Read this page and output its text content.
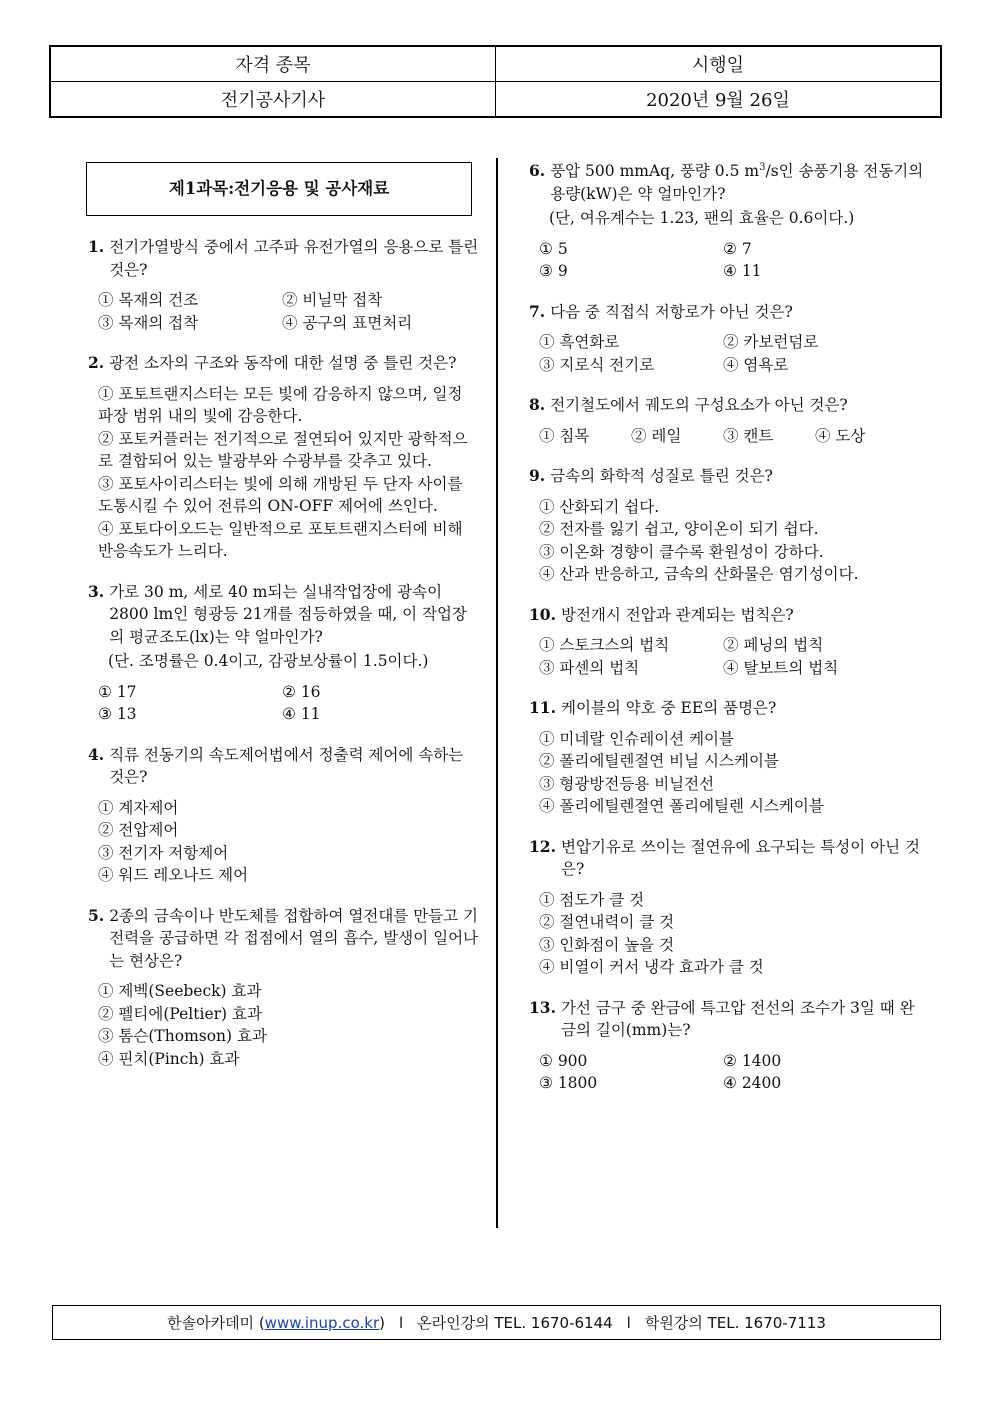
자격 종목	시행일
전기공사기사	2020년 9월 26일
제1과목:전기응용 및 공사재료
1. 전기가열방식 중에서 고주파 유전가열의 응용으로 틀린 것은?
① 목재의 건조	② 비닐막 접착
③ 목재의 접착	④ 공구의 표면처리
2. 광전 소자의 구조와 동작에 대한 설명 중 틀린 것은?
① 포토트랜지스터는 모든 빛에 감응하지 않으며, 일정 파장 범위 내의 빛에 감응한다.
② 포토커플러는 전기적으로 절연되어 있지만 광학적으로 결합되어 있는 발광부와 수광부를 갖추고 있다.
③ 포토사이리스터는 빛에 의해 개방된 두 단자 사이를 도통시킬 수 있어 전류의 ON-OFF 제어에 쓰인다.
④ 포토다이오드는 일반적으로 포토트랜지스터에 비해 반응속도가 느리다.
3. 가로 30 m, 세로 40 m되는 실내작업장에 광속이 2800 lm인 형광등 21개를 점등하였을 때, 이 작업장의 평균조도(lx)는 약 얼마인가?
(단. 조명률은 0.4이고, 감광보상률이 1.5이다.)
① 17	② 16
③ 13	④ 11
4. 직류 전동기의 속도제어법에서 정출력 제어에 속하는 것은?
① 계자제어
② 전압제어
③ 전기자 저항제어
④ 워드 레오나드 제어
5. 2종의 금속이나 반도체를 접합하여 열전대를 만들고 기전력을 공급하면 각 접점에서 열의 흡수, 발생이 일어나는 현상은?
① 제벡(Seebeck) 효과
② 펠티에(Peltier) 효과
③ 톰슨(Thomson) 효과
④ 핀치(Pinch) 효과
6. 풍압 500 mmAq, 풍량 0.5 $m^3/s$인 송풍기용 전동기의 용량(kW)은 약 얼마인가?
(단, 여유계수는 1.23, 팬의 효율은 0.6이다.)
① 5	② 7
③ 9	④ 11
7. 다음 중 직접식 저항로가 아닌 것은?
① 흑연화로	② 카보런덤로
③ 지로식 전기로	④ 염욕로
8. 전기철도에서 궤도의 구성요소가 아닌 것은?
① 침목	② 레일	③ 캔트	④ 도상
9. 금속의 화학적 성질로 틀린 것은?
① 산화되기 쉽다.
② 전자를 잃기 쉽고, 양이온이 되기 쉽다.
③ 이온화 경향이 클수록 환원성이 강하다.
④ 산과 반응하고, 금속의 산화물은 염기성이다.
10. 방전개시 전압과 관계되는 법칙은?
① 스토크스의 법칙	② 페닝의 법칙
③ 파센의 법칙	④ 탈보트의 법칙
11. 케이블의 약호 중 EE의 품명은?
① 미네랄 인슈레이션 케이블
② 폴리에틸렌절연 비닐 시스케이블
③ 형광방전등용 비닐전선
④ 폴리에틸렌절연 폴리에틸렌 시스케이블
12. 변압기유로 쓰이는 절연유에 요구되는 특성이 아닌 것은?
① 점도가 클 것
② 절연내력이 클 것
③ 인화점이 높을 것
④ 비열이 커서 냉각 효과가 클 것
13. 가선 금구 중 완금에 특고압 전선의 조수가 3일 때 완금의 길이(mm)는?
① 900	② 1400
③ 1800	④ 2400
한솔아카데미 ( www.inup.co.kr ) l 온라인강의 TEL. 1670-6144 l 학원강의 TEL. 1670-7113
